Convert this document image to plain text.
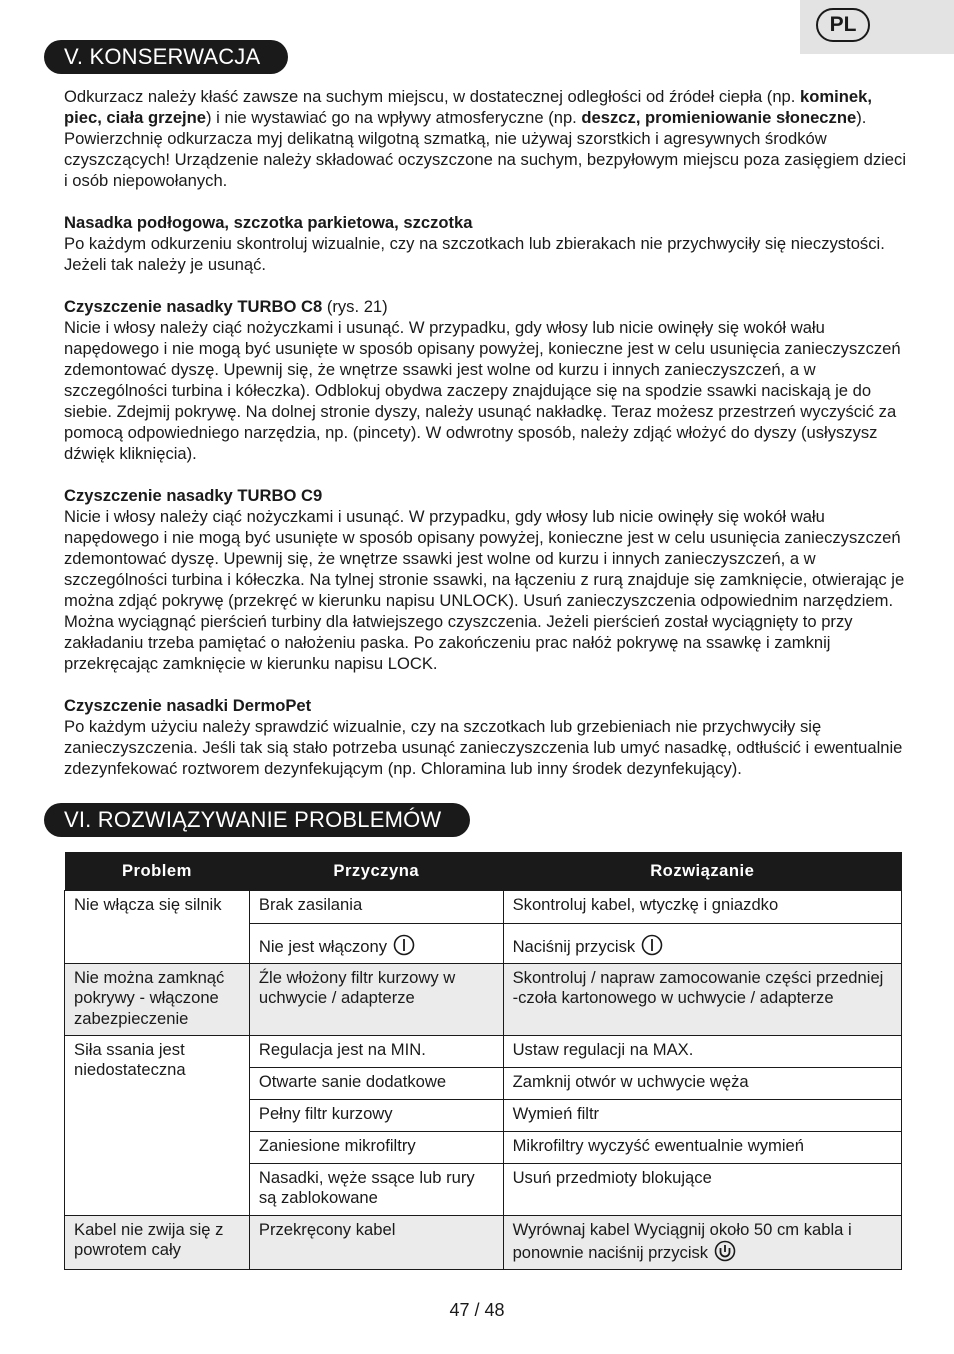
PL
V. KONSERWACJA

Odkurzacz należy kłaść zawsze na suchym miejscu, w dostatecznej odległości od źródeł ciepła (np. kominek, piec, ciała grzejne) i nie wystawiać go na wpływy atmosferyczne (np. deszcz, promieniowanie słoneczne). Powierzchnię odkurzacza myj delikatną wilgotną szmatką, nie używaj szorstkich i agresywnych środków czyszczących! Urządzenie należy składować oczyszczone na suchym, bezpyłowym miejscu poza zasięgiem dzieci i osób niepowołanych.

Nasadka podłogowa, szczotka parkietowa, szczotka

Po każdym odkurzeniu skontroluj wizualnie, czy na szczotkach lub zbierakach nie przychwyciły się nieczystości. Jeżeli tak należy je usunąć.

Czyszczenie nasadky TURBO C8 (rys. 21)

Nicie i włosy należy ciąć nożyczkami i usunąć. W przypadku, gdy włosy lub nicie owinęły się wokół wału napędowego i nie mogą być usunięte w sposób opisany powyżej, konieczne jest w celu usunięcia zanieczyszczeń zdemontować dyszę. Upewnij się, że wnętrze ssawki jest wolne od kurzu i innych zanieczyszczeń, a w szczególności turbina i kółeczka). Odblokuj obydwa zaczepy znajdujące się na spodzie ssawki naciskają je do siebie. Zdejmij pokrywę. Na dolnej stronie dyszy, należy usunąć nakładkę. Teraz możesz przestrzeń wyczyścić za pomocą odpowiedniego narzędzia, np. (pincety). W odwrotny sposób, należy zdjąć włożyć do dyszy (usłyszysz dźwięk kliknięcia).

Czyszczenie nasadky TURBO C9

Nicie i włosy należy ciąć nożyczkami i usunąć. W przypadku, gdy włosy lub nicie owinęły się wokół wału napędowego i nie mogą być usunięte w sposób opisany powyżej, konieczne jest w celu usunięcia zanieczyszczeń zdemontować dyszę. Upewnij się, że wnętrze ssawki jest wolne od kurzu i innych zanieczyszczeń, a w szczególności turbina i kółeczka. Na tylnej stronie ssawki, na łączeniu z rurą znajduje się zamknięcie, otwierając je można zdjąć pokrywę (przekręć w kierunku napisu UNLOCK). Usuń zanieczyszczenia odpowiednim narzędziem. Można wyciągnąć pierścień turbiny dla łatwiejszego czyszczenia. Jeżeli pierścień został wyciągnięty to przy zakładaniu trzeba pamiętać o nałożeniu paska. Po zakończeniu prac nałóż pokrywę na ssawkę i zamknij przekręcając zamknięcie w kierunku napisu LOCK.

Czyszczenie nasadki DermoPet

Po każdym użyciu należy sprawdzić wizualnie, czy na szczotkach lub grzebieniach nie przychwyciły się zanieczyszczenia. Jeśli tak sią stało potrzeba usunąć zanieczyszczenia lub umyć nasadkę, odtłuścić i ewentualnie zdezynfekować roztworem dezynfekującym (np. Chloramina lub inny środek dezynfekujący).

VI. ROZWIĄZYWANIE PROBLEMÓW
Problem	Przyczyna	Rozwiązanie
Nie włącza się silnik	Brak zasilania	Skontroluj kabel, wtyczkę i gniazdko
	Nie jest włączony	Naciśnij przycisk
Nie można zamknąć pokrywy - włączone zabezpieczenie	Źle włożony filtr kurzowy w uchwycie / adapterze	Skontroluj / napraw zamocowanie części przedniej -czoła kartonowego w uchwycie / adapterze
Siła ssania jest niedostateczna	Regulacja jest na MIN.	Ustaw regulacji na MAX.
	Otwarte sanie dodatkowe	Zamknij otwór w uchwycie węża
	Pełny filtr kurzowy	Wymień filtr
	Zaniesione mikrofiltry	Mikrofiltry wyczyść ewentualnie wymień
	Nasadki, węże ssące lub rury są zablokowane	Usuń przedmioty blokujące
Kabel nie zwija się z powrotem cały	Przekręcony kabel	Wyrównaj kabel Wyciągnij około 50 cm kabla i ponownie naciśnij przycisk
47 / 48
